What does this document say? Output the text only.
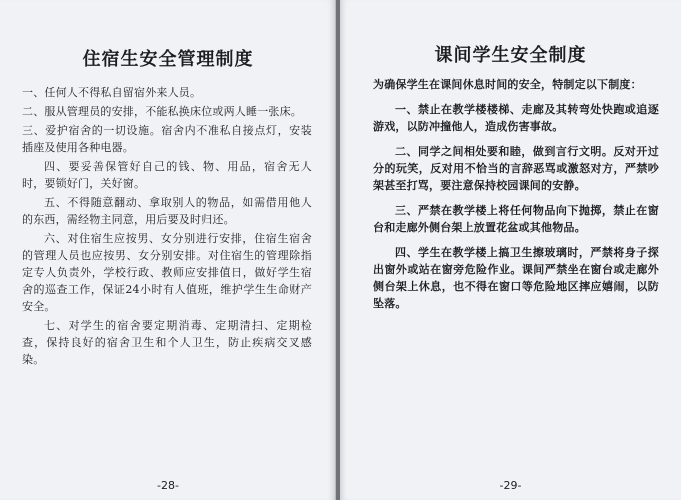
住宿生安全管理制度

一、任何人不得私自留宿外来人员。

二、服从管理员的安排，不能私换床位或两人睡一张床。

三、爱护宿舍的一切设施。宿舍内不准私自接点灯，安装插座及使用各种电器。

四、要妥善保管好自己的钱、物、用品，宿舍无人时，要锁好门，关好窗。

五、不得随意翻动、拿取别人的物品，如需借用他人的东西，需经物主同意，用后要及时归还。

六、对住宿生应按男、女分别进行安排，住宿生宿舍的管理人员也应按男、女分别安排。对住宿生的管理除指定专人负责外，学校行政、教师应安排值日，做好学生宿舍的巡查工作，保证24小时有人值班，维护学生生命财产安全。

七、对学生的宿舍要定期消毒、定期清扫、定期检查，保持良好的宿舍卫生和个人卫生，防止疾病交叉感染。

-28-
课间学生安全制度

为确保学生在课间休息时间的安全，特制定以下制度：

一、禁止在教学楼楼梯、走廊及其转弯处快跑或追逐游戏，以防冲撞他人，造成伤害事故。

二、同学之间相处要和睦，做到言行文明。反对开过分的玩笑，反对用不恰当的言辞恶骂或激怒对方，严禁吵架甚至打骂，要注意保持校园课间的安静。

三、严禁在教学楼上将任何物品向下抛掷，禁止在窗台和走廊外侧台架上放置花盆或其他物品。

四、学生在教学楼上搞卫生擦玻璃时，严禁将身子探出窗外或站在窗旁危险作业。课间严禁坐在窗台或走廊外侧台架上休息，也不得在窗口等危险地区摔应嬉闹，以防坠落。

-29-
